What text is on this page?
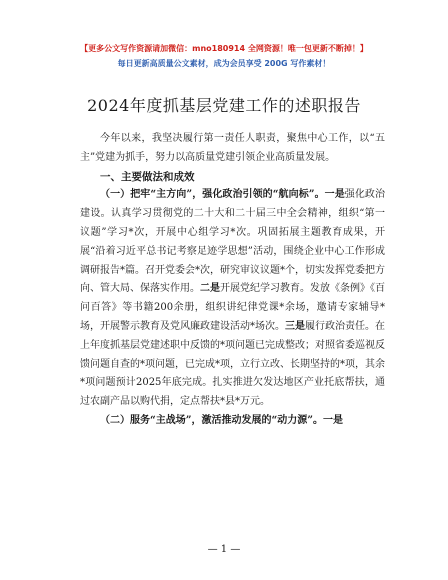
【更多公文写作资源请加微信：mno180914 全网资源！唯一包更新不断掉！】
每日更新高质量公文素材，成为会员享受 200G 写作素材！
2024年度抓基层党建工作的述职报告

今年以来，我坚决履行第一责任人职责，聚焦中心工作，以“五主”党建为抓手，努力以高质量党建引领企业高质量发展。

一、主要做法和成效

（一）把牢“主方向”，强化政治引领的“航向标”。一是强化政治建设。认真学习贯彻党的二十大和二十届三中全会精神，组织“第一议题”学习*次，开展中心组学习*次。巩固拓展主题教育成果，开展“沿着习近平总书记考察足迹学思想”活动，围绕企业中心工作形成调研报告*篇。召开党委会*次，研究审议议题*个，切实发挥党委把方向、管大局、保落实作用。二是开展党纪学习教育。发放《条例》《百问百答》等书籍200余册，组织讲纪律党课*余场，邀请专家辅导*场，开展警示教育及党风廉政建设活动*场次。三是履行政治责任。在上年度抓基层党建述职中反馈的*项问题已完成整改；对照省委巡视反馈问题自查的*项问题，已完成*项，立行立改、长期坚持的*项，其余*项问题预计2025年底完成。扎实推进欠发达地区产业托底帮扶，通过农副产品以购代捐，定点帮扶*县*万元。

（二）服务“主战场”，激活推动发展的“动力源”。一是

— 1 —
